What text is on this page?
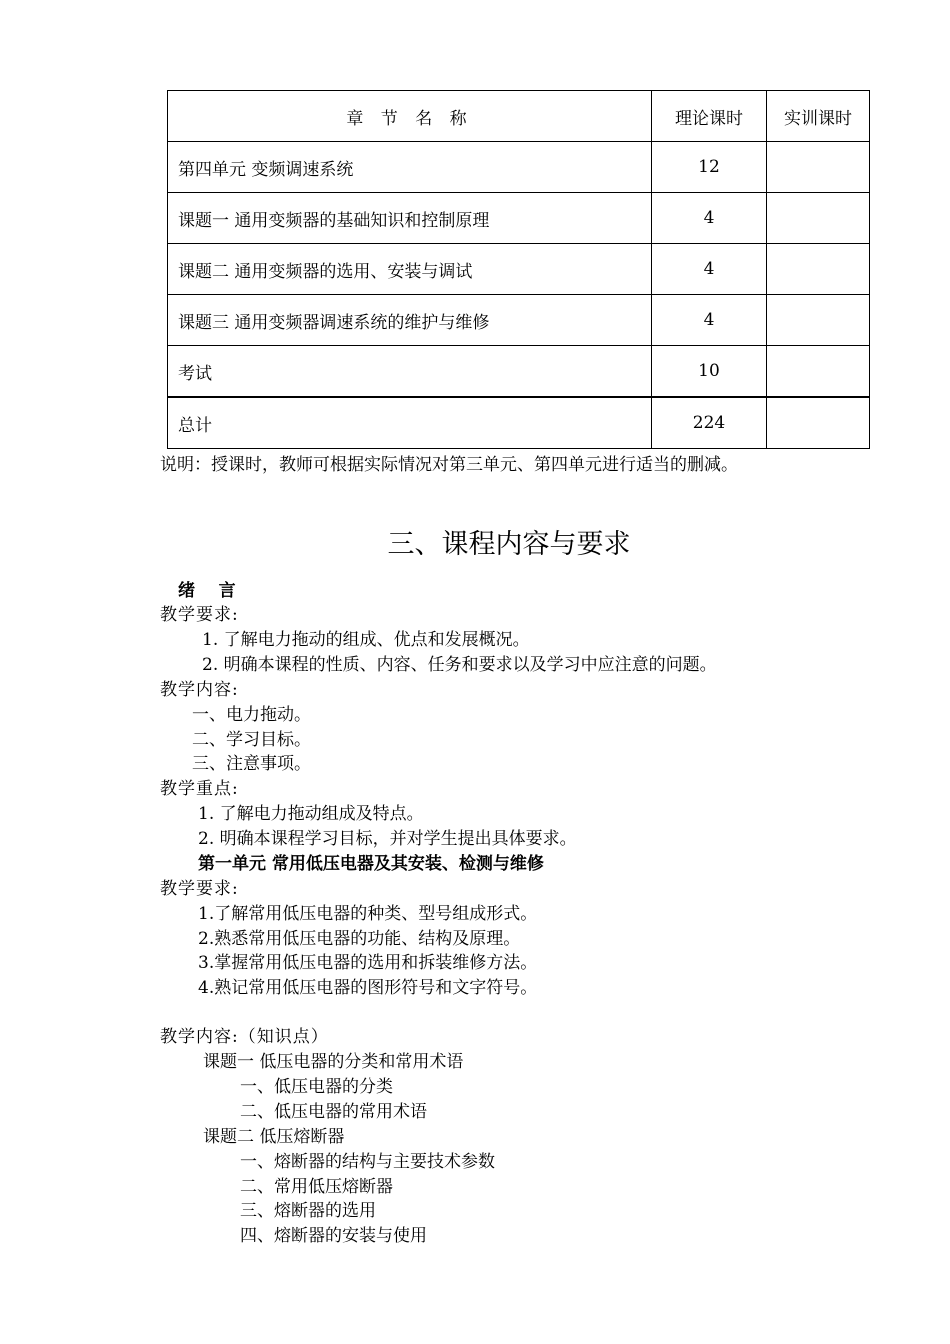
章 节 名 称	理论课时	实训课时
第四单元 变频调速系统	12	
课题一 通用变频器的基础知识和控制原理	4	
课题二 通用变频器的选用、安装与调试	4	
课题三 通用变频器调速系统的维护与维修	4	
考试	10	
总计	224	
说明：授课时，教师可根据实际情况对第三单元、第四单元进行适当的删减。
三、课程内容与要求
绪    言
教学要求:
1. 了解电力拖动的组成、优点和发展概况。
2. 明确本课程的性质、内容、任务和要求以及学习中应注意的问题。
教学内容:
一、电力拖动。
二、学习目标。
三、注意事项。
教学重点:
1. 了解电力拖动组成及特点。
2. 明确本课程学习目标，并对学生提出具体要求。
第一单元 常用低压电器及其安装、检测与维修
教学要求:
1.了解常用低压电器的种类、型号组成形式。
2.熟悉常用低压电器的功能、结构及原理。
3.掌握常用低压电器的选用和拆装维修方法。
4.熟记常用低压电器的图形符号和文字符号。
教学内容:（知识点）
课题一 低压电器的分类和常用术语
一、低压电器的分类
二、低压电器的常用术语
课题二 低压熔断器
一、熔断器的结构与主要技术参数
二、常用低压熔断器
三、熔断器的选用
四、熔断器的安装与使用
